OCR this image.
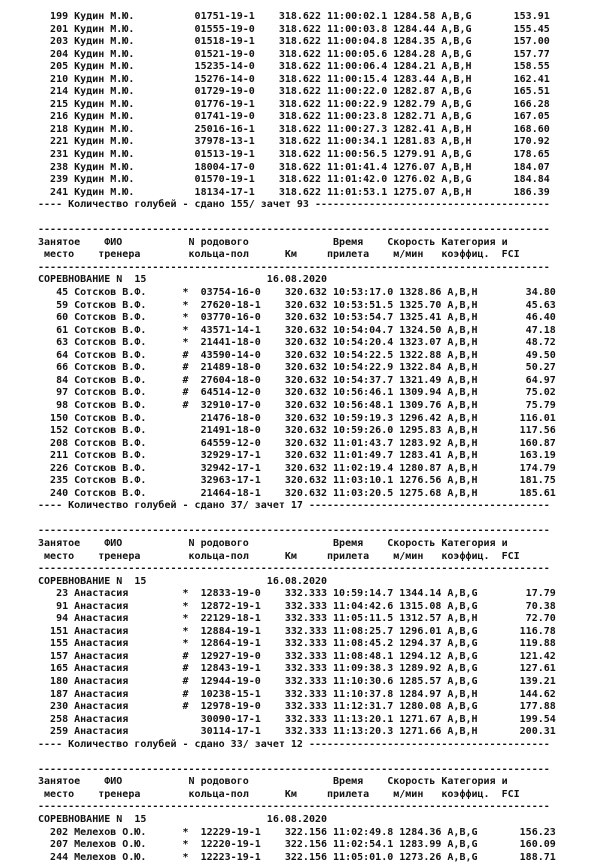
199 Кудин М.Ю.          01751-19-1    318.622 11:00:02.1 1284.58 A,B,G       153.91
201 Кудин М.Ю.          01555-19-0    318.622 11:00:03.8 1284.44 A,B,G       155.45
203 Кудин М.Ю.          01518-19-1    318.622 11:00:04.8 1284.35 A,B,G       157.00
204 Кудин М.Ю.          01521-19-0    318.622 11:00:05.6 1284.28 A,B,G       157.77
205 Кудин М.Ю.          15235-14-0    318.622 11:00:06.4 1284.21 A,B,H       158.55
210 Кудин М.Ю.          15276-14-0    318.622 11:00:15.4 1283.44 A,B,H       162.41
214 Кудин М.Ю.          01729-19-0    318.622 11:00:22.0 1282.87 A,B,G       165.51
215 Кудин М.Ю.          01776-19-1    318.622 11:00:22.9 1282.79 A,B,G       166.28
216 Кудин М.Ю.          01741-19-0    318.622 11:00:23.8 1282.71 A,B,G       167.05
218 Кудин М.Ю.          25016-16-1    318.622 11:00:27.3 1282.41 A,B,H       168.60
221 Кудин М.Ю.          37978-13-1    318.622 11:00:34.1 1281.83 A,B,H       170.92
231 Кудин М.Ю.          01513-19-1    318.622 11:00:56.5 1279.91 A,B,G       178.65
238 Кудин М.Ю.          18004-17-0    318.622 11:01:41.4 1276.07 A,B,H       184.07
239 Кудин М.Ю.          01570-19-1    318.622 11:01:42.0 1276.02 A,B,G       184.84
241 Кудин М.Ю.          18134-17-1    318.622 11:01:53.1 1275.07 A,B,H       186.39
---- Количество голубей - сдано 155/ зачет 93 ---------------------------------------
-------------------------------------------------------------------------------------
Занятое    ФИО           N родового              Время    Скорость Категория и
место    тренера        кольца-пол      Км     прилета    м/мин   коэффиц.  FCI
-------------------------------------------------------------------------------------
СОРЕВНОВАНИЕ N  15                    16.08.2020
45 Сотсков В.Ф.      *  03754-16-0    320.632 10:53:17.0 1328.86 A,B,H        34.80
59 Сотсков В.Ф.      *  27620-18-1    320.632 10:53:51.5 1325.70 A,B,H        45.63
60 Сотсков В.Ф.      *  03770-16-0    320.632 10:53:54.7 1325.41 A,B,H        46.40
61 Сотсков В.Ф.      *  43571-14-1    320.632 10:54:04.7 1324.50 A,B,H        47.18
63 Сотсков В.Ф.      *  21441-18-0    320.632 10:54:20.4 1323.07 A,B,H        48.72
64 Сотсков В.Ф.      #  43590-14-0    320.632 10:54:22.5 1322.88 A,B,H        49.50
66 Сотсков В.Ф.      #  21489-18-0    320.632 10:54:22.9 1322.84 A,B,H        50.27
84 Сотсков В.Ф.      #  27604-18-0    320.632 10:54:37.7 1321.49 A,B,H        64.97
97 Сотсков В.Ф.      #  64514-12-0    320.632 10:56:46.1 1309.94 A,B,H        75.02
98 Сотсков В.Ф.      #  32910-17-0    320.632 10:56:48.1 1309.76 A,B,H        75.79
150 Сотсков В.Ф.         21476-18-0    320.632 10:59:19.3 1296.42 A,B,H       116.01
152 Сотсков В.Ф.         21491-18-0    320.632 10:59:26.0 1295.83 A,B,H       117.56
208 Сотсков В.Ф.         64559-12-0    320.632 11:01:43.7 1283.92 A,B,H       160.87
211 Сотсков В.Ф.         32929-17-1    320.632 11:01:49.7 1283.41 A,B,H       163.19
226 Сотсков В.Ф.         32942-17-1    320.632 11:02:19.4 1280.87 A,B,H       174.79
235 Сотсков В.Ф.         32963-17-1    320.632 11:03:10.1 1276.56 A,B,H       181.75
240 Сотсков В.Ф.         21464-18-1    320.632 11:03:20.5 1275.68 A,B,H       185.61
---- Количество голубей - сдано 37/ зачет 17 ----------------------------------------
-------------------------------------------------------------------------------------
Занятое    ФИО           N родового              Время    Скорость Категория и
место    тренера        кольца-пол      Км     прилета    м/мин   коэффиц.  FCI
-------------------------------------------------------------------------------------
СОРЕВНОВАНИЕ N  15                    16.08.2020
23 Анастасия         *  12833-19-0    332.333 10:59:14.7 1344.14 A,B,G        17.79
91 Анастасия         *  12872-19-1    332.333 11:04:42.6 1315.08 A,B,G        70.38
94 Анастасия         *  22129-18-1    332.333 11:05:11.5 1312.57 A,B,H        72.70
151 Анастасия         *  12884-19-1    332.333 11:08:25.7 1296.01 A,B,G       116.78
155 Анастасия         *  12864-19-1    332.333 11:08:45.2 1294.37 A,B,G       119.88
157 Анастасия         #  12927-19-0    332.333 11:08:48.1 1294.12 A,B,G       121.42
165 Анастасия         #  12843-19-1    332.333 11:09:38.3 1289.92 A,B,G       127.61
180 Анастасия         #  12944-19-0    332.333 11:10:30.6 1285.57 A,B,G       139.21
187 Анастасия         #  10238-15-1    332.333 11:10:37.8 1284.97 A,B,H       144.62
230 Анастасия         #  12978-19-0    332.333 11:12:31.7 1280.08 A,B,G       177.88
258 Анастасия            30090-17-1    332.333 11:13:20.1 1271.67 A,B,H       199.54
259 Анастасия            30114-17-1    332.333 11:13:20.3 1271.66 A,B,H       200.31
---- Количество голубей - сдано 33/ зачет 12 ----------------------------------------
-------------------------------------------------------------------------------------
Занятое    ФИО           N родового              Время    Скорость Категория и
место    тренера        кольца-пол      Км     прилета    м/мин   коэффиц.  FCI
-------------------------------------------------------------------------------------
СОРЕВНОВАНИЕ N  15                    16.08.2020
202 Мелехов О.Ю.      *  12229-19-1    322.156 11:02:49.8 1284.36 A,B,G       156.23
207 Мелехов О.Ю.      *  12220-19-1    322.156 11:02:54.1 1283.99 A,B,G       160.09
244 Мелехов О.Ю.      *  12223-19-1    322.156 11:05:01.0 1273.26 A,B,G       188.71
